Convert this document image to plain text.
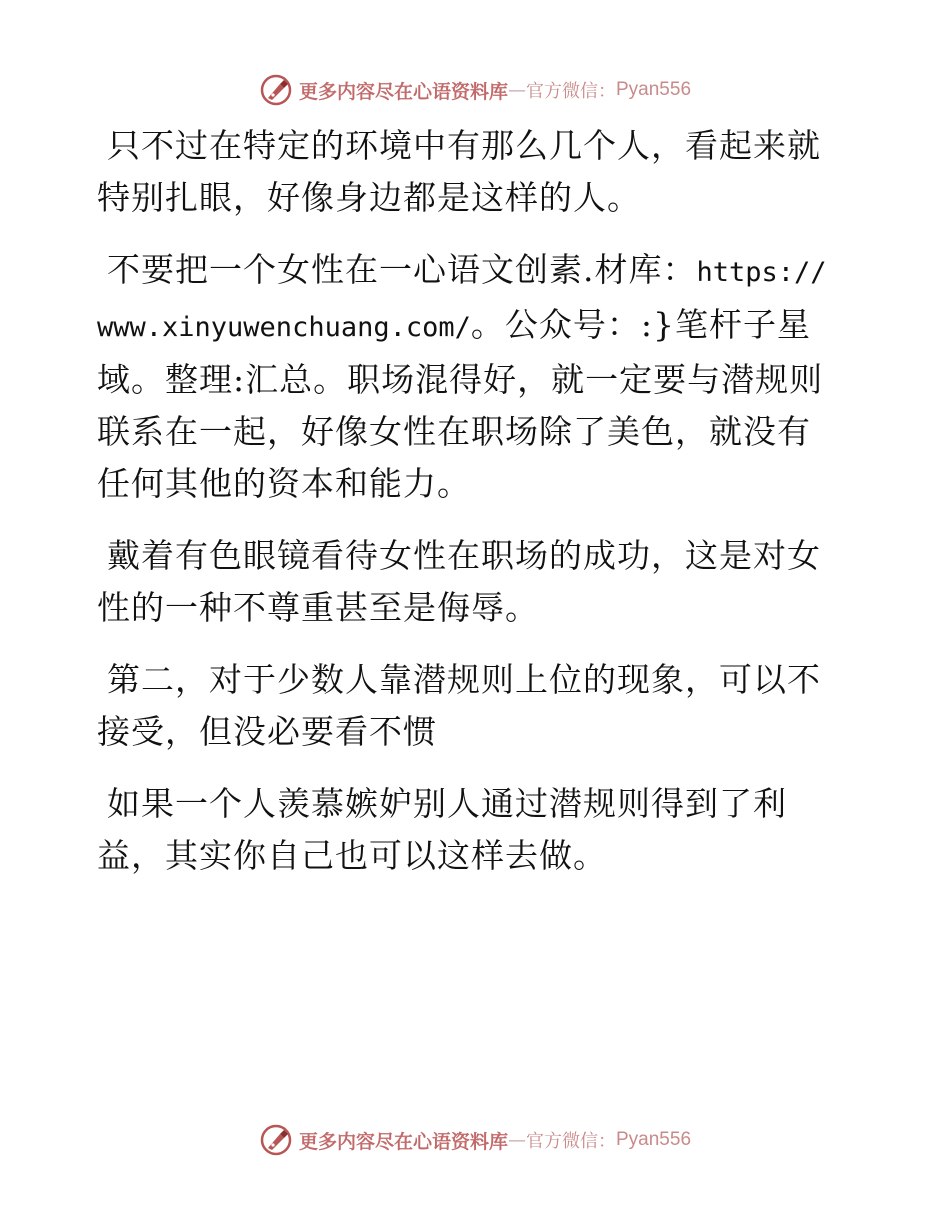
更多内容尽在心语资料库 — 官方微信： Pyan556

只不过在特定的环境中有那么几个人，看起来就特别扎眼，好像身边都是这样的人。

不要把一个女性在一心语文创素.材库：https://www.xinyuwenchuang.com/。公众号：:}笔杆子星域。整理:汇总。职场混得好，就一定要与潜规则联系在一起，好像女性在职场除了美色，就没有任何其他的资本和能力。

戴着有色眼镜看待女性在职场的成功，这是对女性的一种不尊重甚至是侮辱。

第二，对于少数人靠潜规则上位的现象，可以不接受，但没必要看不惯

如果一个人羡慕嫉妒别人通过潜规则得到了利益，其实你自己也可以这样去做。

更多内容尽在心语资料库 — 官方微信： Pyan556
